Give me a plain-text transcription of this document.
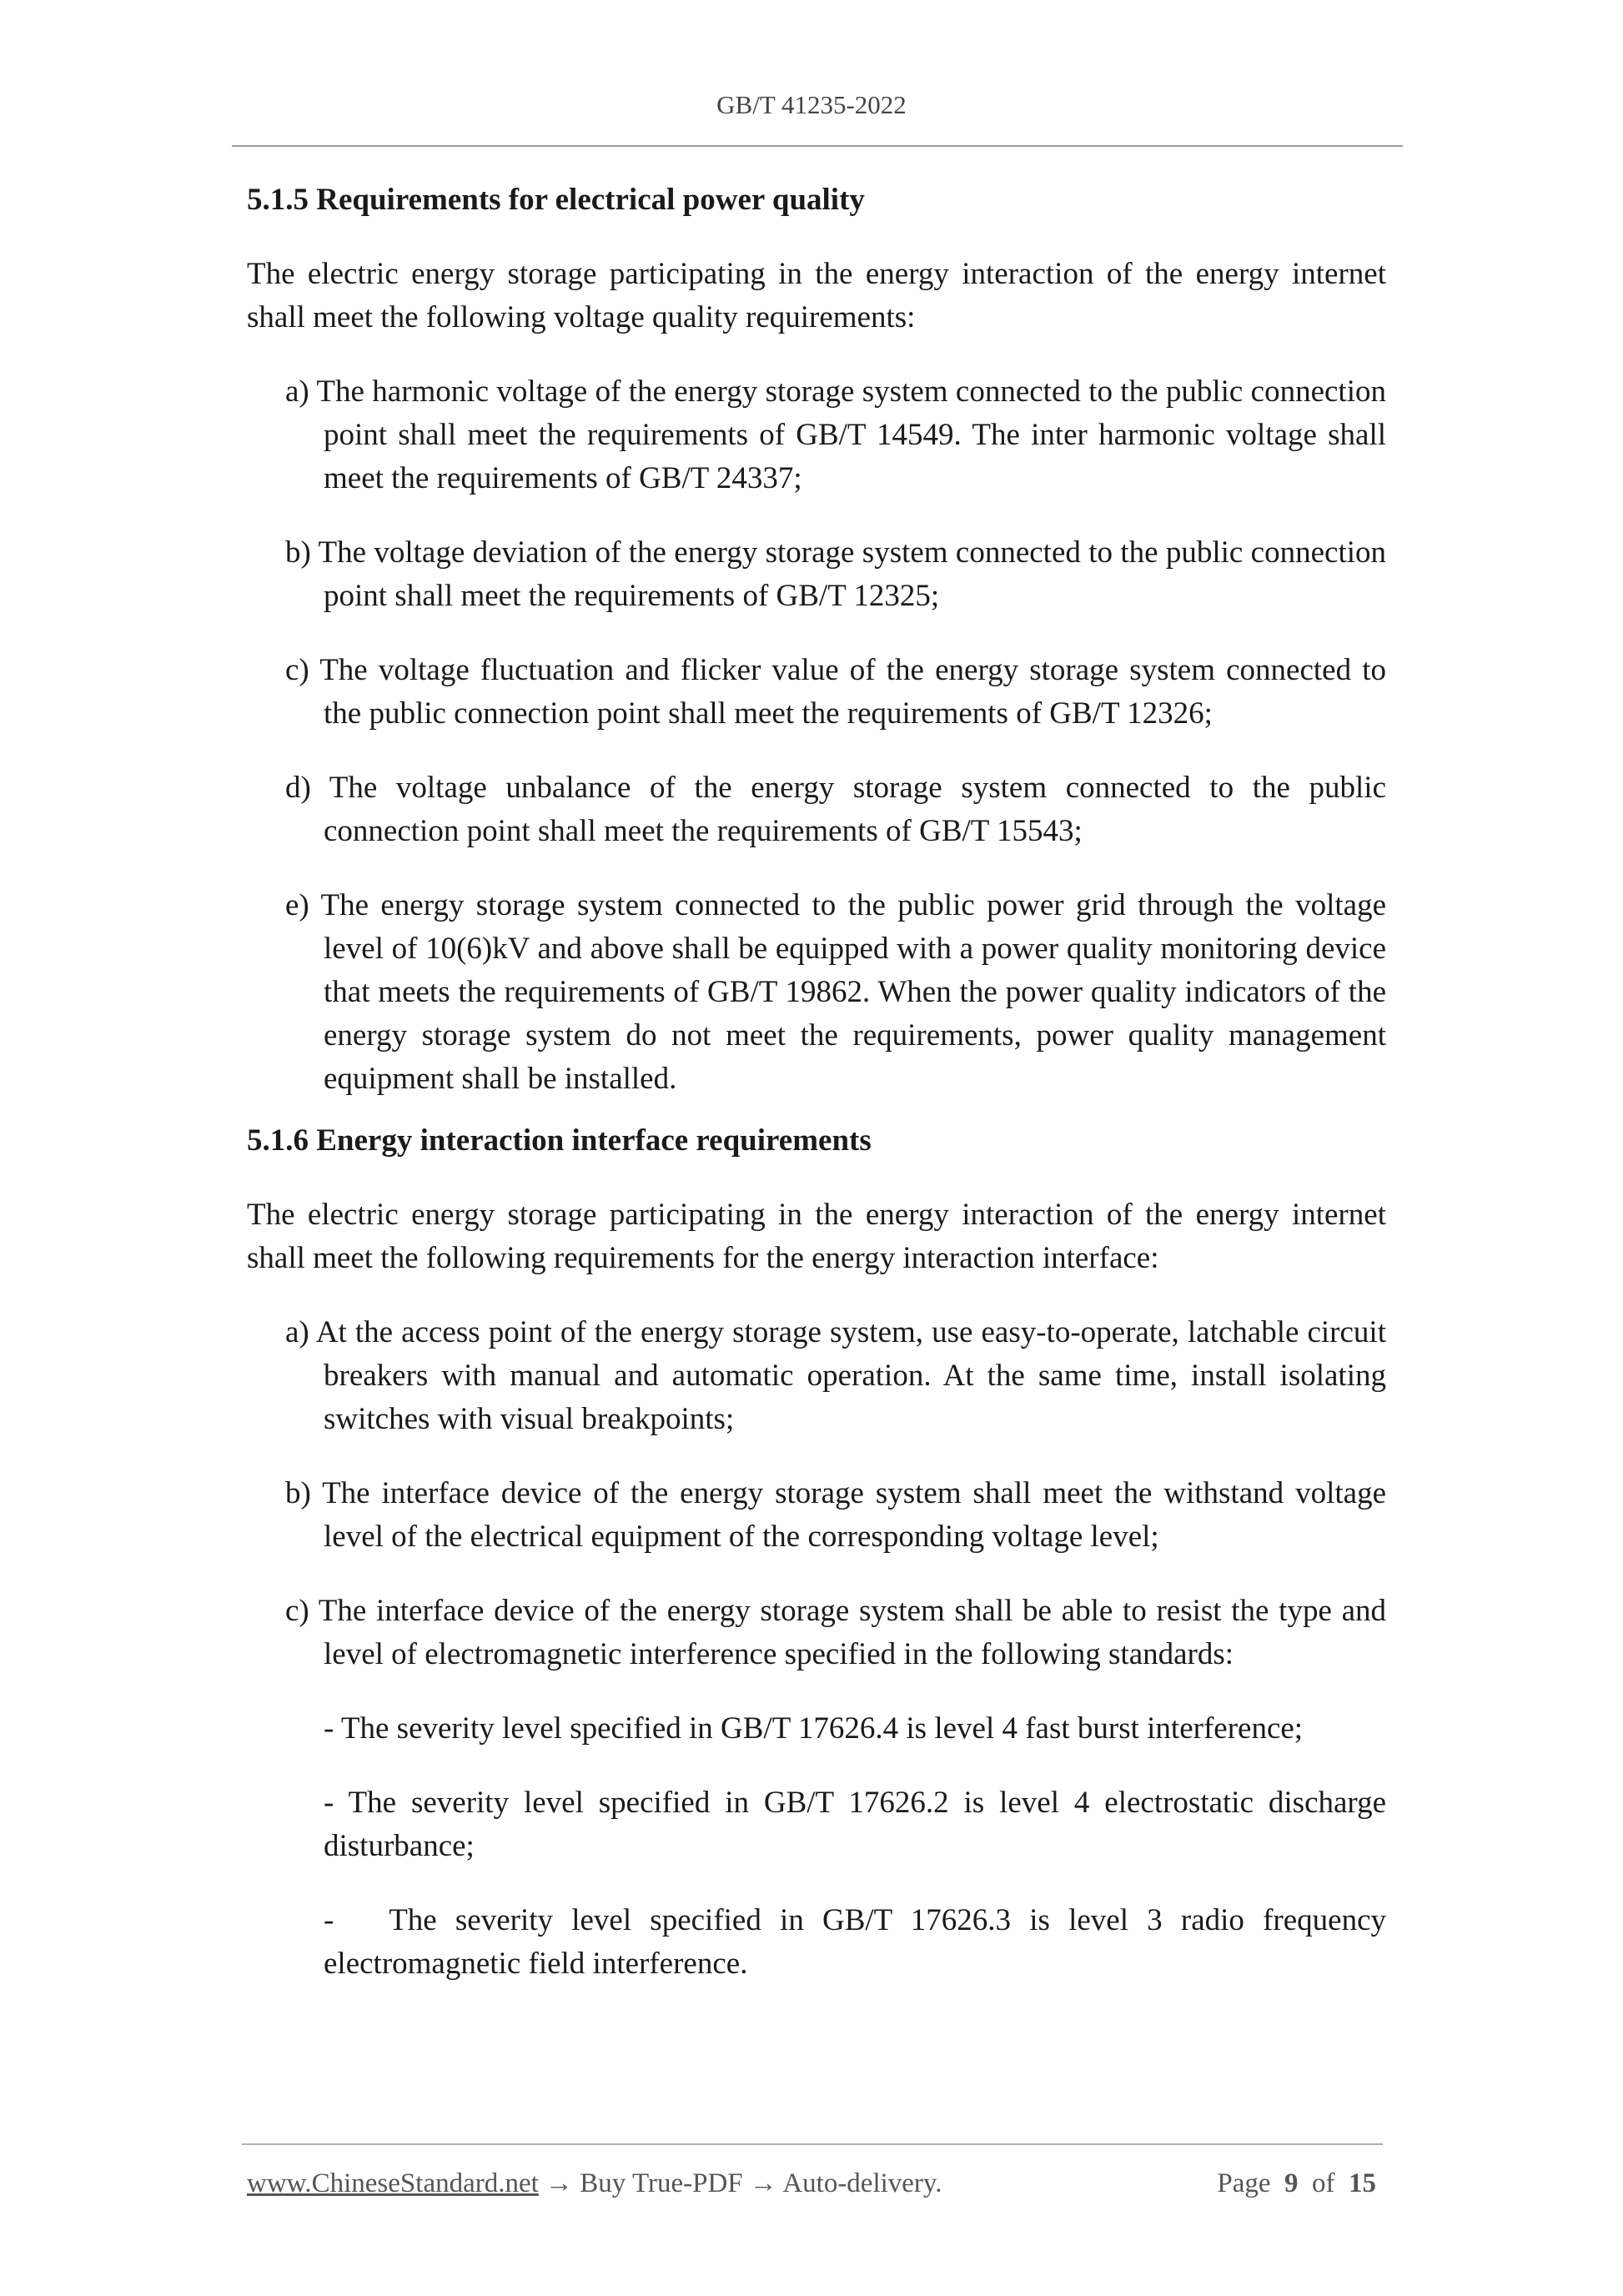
GB/T 41235-2022
5.1.5 Requirements for electrical power quality

The electric energy storage participating in the energy interaction of the energy internet shall meet the following voltage quality requirements:

a) The harmonic voltage of the energy storage system connected to the public connection point shall meet the requirements of GB/T 14549. The inter harmonic voltage shall meet the requirements of GB/T 24337;

b) The voltage deviation of the energy storage system connected to the public connection point shall meet the requirements of GB/T 12325;

c) The voltage fluctuation and flicker value of the energy storage system connected to the public connection point shall meet the requirements of GB/T 12326;

d) The voltage unbalance of the energy storage system connected to the public connection point shall meet the requirements of GB/T 15543;

e) The energy storage system connected to the public power grid through the voltage level of 10(6)kV and above shall be equipped with a power quality monitoring device that meets the requirements of GB/T 19862. When the power quality indicators of the energy storage system do not meet the requirements, power quality management equipment shall be installed.

5.1.6 Energy interaction interface requirements

The electric energy storage participating in the energy interaction of the energy internet shall meet the following requirements for the energy interaction interface:

a) At the access point of the energy storage system, use easy-to-operate, latchable circuit breakers with manual and automatic operation. At the same time, install isolating switches with visual breakpoints;

b) The interface device of the energy storage system shall meet the withstand voltage level of the electrical equipment of the corresponding voltage level;

c) The interface device of the energy storage system shall be able to resist the type and level of electromagnetic interference specified in the following standards:

- The severity level specified in GB/T 17626.4 is level 4 fast burst interference;

- The severity level specified in GB/T 17626.2 is level 4 electrostatic discharge disturbance;

-   The severity level specified in GB/T 17626.3 is level 3 radio frequency electromagnetic field interference.

www.ChineseStandard.net → Buy True-PDF → Auto-delivery.	Page 9 of 15
